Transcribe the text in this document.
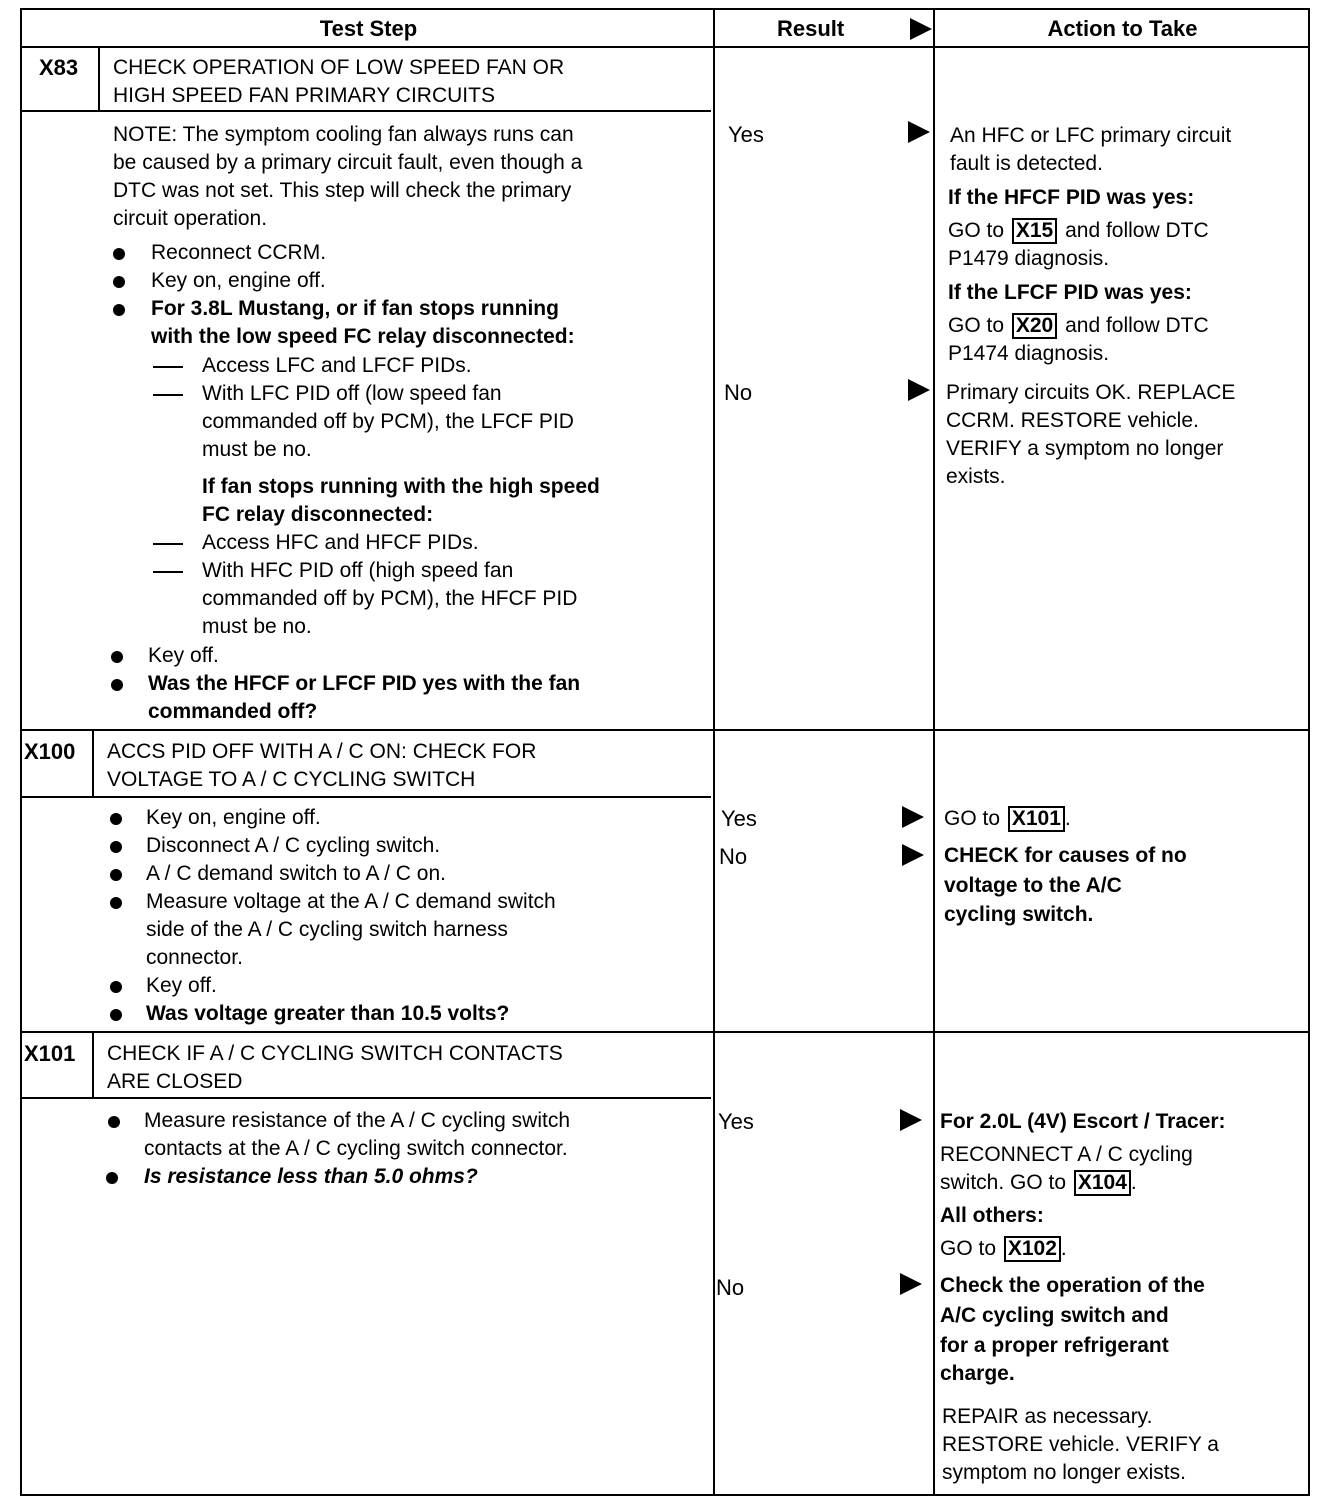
Test Step	Result	Action to Take
X83 CHECK OPERATION OF LOW SPEED FAN OR
HIGH SPEED FAN PRIMARY CIRCUITS
NOTE: The symptom cooling fan always runs can
be caused by a primary circuit fault, even though a
DTC was not set. This step will check the primary
circuit operation.
Reconnect CCRM.
Key on, engine off.
For 3.8L Mustang, or if fan stops running
with the low speed FC relay disconnected:
Access LFC and LFCF PIDs.
With LFC PID off (low speed fan
commanded off by PCM), the LFCF PID
must be no.
If fan stops running with the high speed
FC relay disconnected:
Access HFC and HFCF PIDs.
With HFC PID off (high speed fan
commanded off by PCM), the HFCF PID
must be no.
Key off.
Was the HFCF or LFCF PID yes with the fan
commanded off?
Yes
No
An HFC or LFC primary circuit
fault is detected.
If the HFCF PID was yes:
GO to X15 and follow DTC
P1479 diagnosis.
If the LFCF PID was yes:
GO to X20 and follow DTC
P1474 diagnosis.
Primary circuits OK. REPLACE
CCRM. RESTORE vehicle.
VERIFY a symptom no longer
exists.
X100 ACCS PID OFF WITH A / C ON: CHECK FOR
VOLTAGE TO A / C CYCLING SWITCH
Key on, engine off.
Disconnect A / C cycling switch.
A / C demand switch to A / C on.
Measure voltage at the A / C demand switch
side of the A / C cycling switch harness
connector.
Key off.
Was voltage greater than 10.5 volts?
Yes
No
GO to X101 .
CHECK for causes of no
voltage to the A/C
cycling switch.
X101 CHECK IF A / C CYCLING SWITCH CONTACTS
ARE CLOSED
Measure resistance of the A / C cycling switch
contacts at the A / C cycling switch connector.
Is resistance less than 5.0 ohms?
Yes
No
For 2.0L (4V) Escort / Tracer:
RECONNECT A / C cycling
switch. GO to X104 .
All others:
GO to X102 .
Check the operation of the
A/C cycling switch and
for a proper refrigerant
charge.
REPAIR as necessary.
RESTORE vehicle. VERIFY a
symptom no longer exists.
